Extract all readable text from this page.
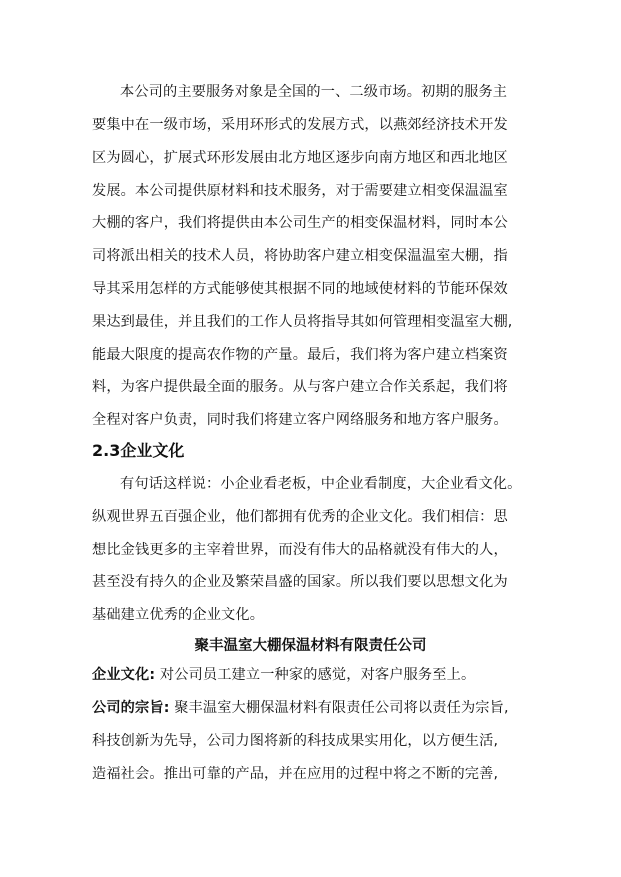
本公司的主要服务对象是全国的一、二级市场。初期的服务主
要集中在一级市场，采用环形式的发展方式，以燕郊经济技术开发
区为圆心，扩展式环形发展由北方地区逐步向南方地区和西北地区
发展。本公司提供原材料和技术服务，对于需要建立相变保温温室
大棚的客户，我们将提供由本公司生产的相变保温材料，同时本公
司将派出相关的技术人员，将协助客户建立相变保温温室大棚，指
导其采用怎样的方式能够使其根据不同的地域使材料的节能环保效
果达到最佳，并且我们的工作人员将指导其如何管理相变温室大棚,
能最大限度的提高农作物的产量。最后，我们将为客户建立档案资
料，为客户提供最全面的服务。从与客户建立合作关系起，我们将
全程对客户负责，同时我们将建立客户网络服务和地方客户服务。
2.3企业文化
有句话这样说：小企业看老板，中企业看制度，大企业看文化。
纵观世界五百强企业，他们都拥有优秀的企业文化。我们相信：思
想比金钱更多的主宰着世界，而没有伟大的品格就没有伟大的人，
甚至没有持久的企业及繁荣昌盛的国家。所以我们要以思想文化为
基础建立优秀的企业文化。
聚丰温室大棚保温材料有限责任公司
企业文化: 对公司员工建立一种家的感觉，对客户服务至上。
公司的宗旨: 聚丰温室大棚保温材料有限责任公司将以责任为宗旨,
科技创新为先导，公司力图将新的科技成果实用化，以方便生活,
造福社会。推出可靠的产品，并在应用的过程中将之不断的完善,
